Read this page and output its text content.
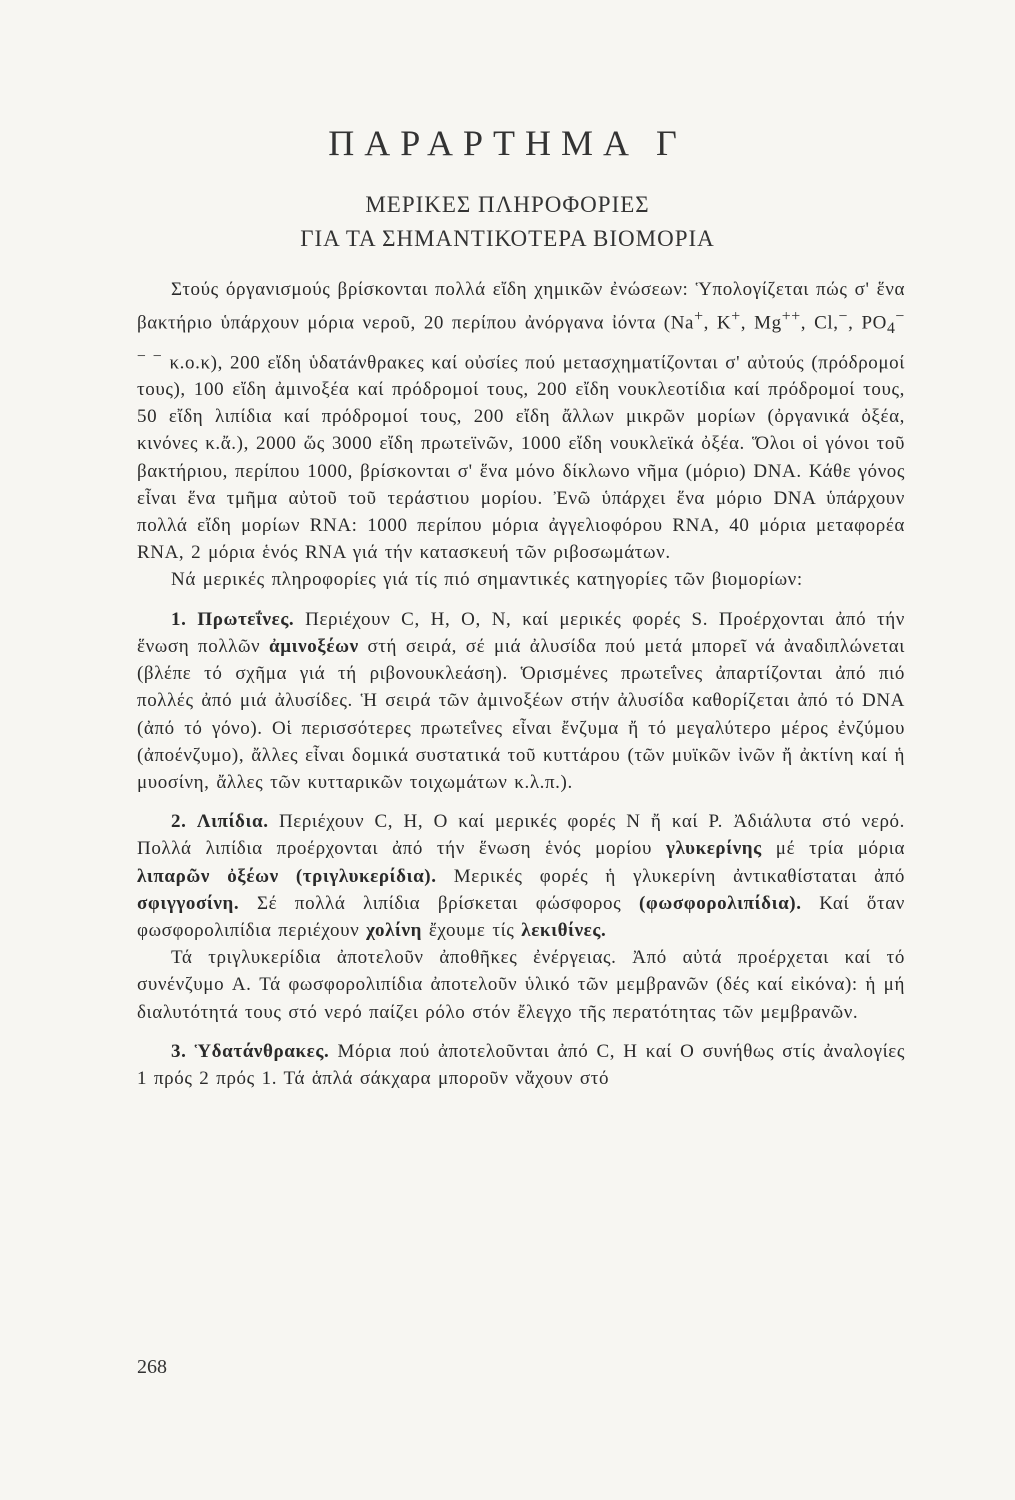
ΠΑΡΑΡΤΗΜΑ Γ
ΜΕΡΙΚΕΣ ΠΛΗΡΟΦΟΡΙΕΣ
ΓΙΑ ΤΑ ΣΗΜΑΝΤΙΚΟΤΕΡΑ ΒΙΟΜΟΡΙΑ

Στούς όργανισμούς βρίσκονται πολλά εἴδη χημικῶν ἐνώσεων: Ὑπολογίζεται πώς σ' ἕνα βακτήριο ὑπάρχουν μόρια νεροῦ, 20 περίπου ἀνόργανα ἰόντα (Na+, K+, Mg++, Cl,−, $PO_4^{- - -}$ κ.ο.κ), 200 εἴδη ὑδατάνθρακες καί οὐσίες πού μετασχηματίζονται σ' αὐτούς (πρόδρομοί τους), 100 εἴδη ἀμινοξέα καί πρόδρομοί τους, 200 εἴδη νουκλεοτίδια καί πρόδρομοί τους, 50 εἴδη λιπίδια καί πρόδρομοί τους, 200 εἴδη ἄλλων μικρῶν μορίων (ὀργανικά ὀξέα, κινόνες κ.ἄ.), 2000 ὥς 3000 εἴδη πρωτεϊνῶν, 1000 εἴδη νουκλεϊκά ὀξέα. Ὅλοι οἱ γόνοι τοῦ βακτήριου, περίπου 1000, βρίσκονται σ' ἕνα μόνο δίκλωνο νῆμα (μόριο) DNA. Κάθε γόνος εἶναι ἕνα τμῆμα αὐτοῦ τοῦ τεράστιου μορίου. Ἐνῶ ὑπάρχει ἕνα μόριο DNA ὑπάρχουν πολλά εἴδη μορίων RNA: 1000 περίπου μόρια ἀγγελιοφόρου RNA, 40 μόρια μεταφορέα RNA, 2 μόρια ἑνός RNA γιά τήν κατασκευή τῶν ριβοσωμάτων.

Νά μερικές πληροφορίες γιά τίς πιό σημαντικές κατηγορίες τῶν βιομορίων:

1. Πρωτεΐνες. Περιέχουν C, H, O, N, καί μερικές φορές S. Προέρχονται ἀπό τήν ἕνωση πολλῶν ἀμινοξέων στή σειρά, σέ μιά ἀλυσίδα πού μετά μπορεῖ νά ἀναδιπλώνεται (βλέπε τό σχῆμα γιά τή ριβονουκλεάση). Ὁρισμένες πρωτεΐνες ἀπαρτίζονται ἀπό πιό πολλές ἀπό μιά ἀλυσίδες. Ἡ σειρά τῶν ἀμινοξέων στήν ἀλυσίδα καθορίζεται ἀπό τό DNA (ἀπό τό γόνο). Οἱ περισσότερες πρωτεΐνες εἶναι ἔνζυμα ἤ τό μεγαλύτερο μέρος ἐνζύμου (ἀποένζυμο), ἄλλες εἶναι δομικά συστατικά τοῦ κυττάρου (τῶν μυϊκῶν ἰνῶν ἤ ἀκτίνη καί ἡ μυοσίνη, ἄλλες τῶν κυτταρικῶν τοιχωμάτων κ.λ.π.).

2. Λιπίδια. Περιέχουν C, H, O καί μερικές φορές N ἤ καί P. Ἀδιάλυτα στό νερό. Πολλά λιπίδια προέρχονται ἀπό τήν ἕνωση ἑνός μορίου γλυκερίνης μέ τρία μόρια λιπαρῶν ὀξέων (τριγλυκερίδια). Μερικές φορές ἡ γλυκερίνη ἀντικαθίσταται ἀπό σφιγγοσίνη. Σέ πολλά λιπίδια βρίσκεται φώσφορος (φωσφορολιπίδια). Καί ὅταν φωσφορολιπίδια περιέχουν χολίνη ἔχουμε τίς λεκιθίνες.

Τά τριγλυκερίδια ἀποτελοῦν ἀποθῆκες ἐνέργειας. Ἀπό αὐτά προέρχεται καί τό συνένζυμο A. Τά φωσφορολιπίδια ἀποτελοῦν ὑλικό τῶν μεμβρανῶν (δές καί εἰκόνα): ἡ μή διαλυτότητά τους στό νερό παίζει ρόλο στόν ἔλεγχο τῆς περατότητας τῶν μεμβρανῶν.

3. Ὑδατάνθρακες. Μόρια πού ἀποτελοῦνται ἀπό C, H καί O συνήθως στίς ἀναλογίες 1 πρός 2 πρός 1. Τά ἁπλά σάκχαρα μποροῦν νἄχουν στό

268
